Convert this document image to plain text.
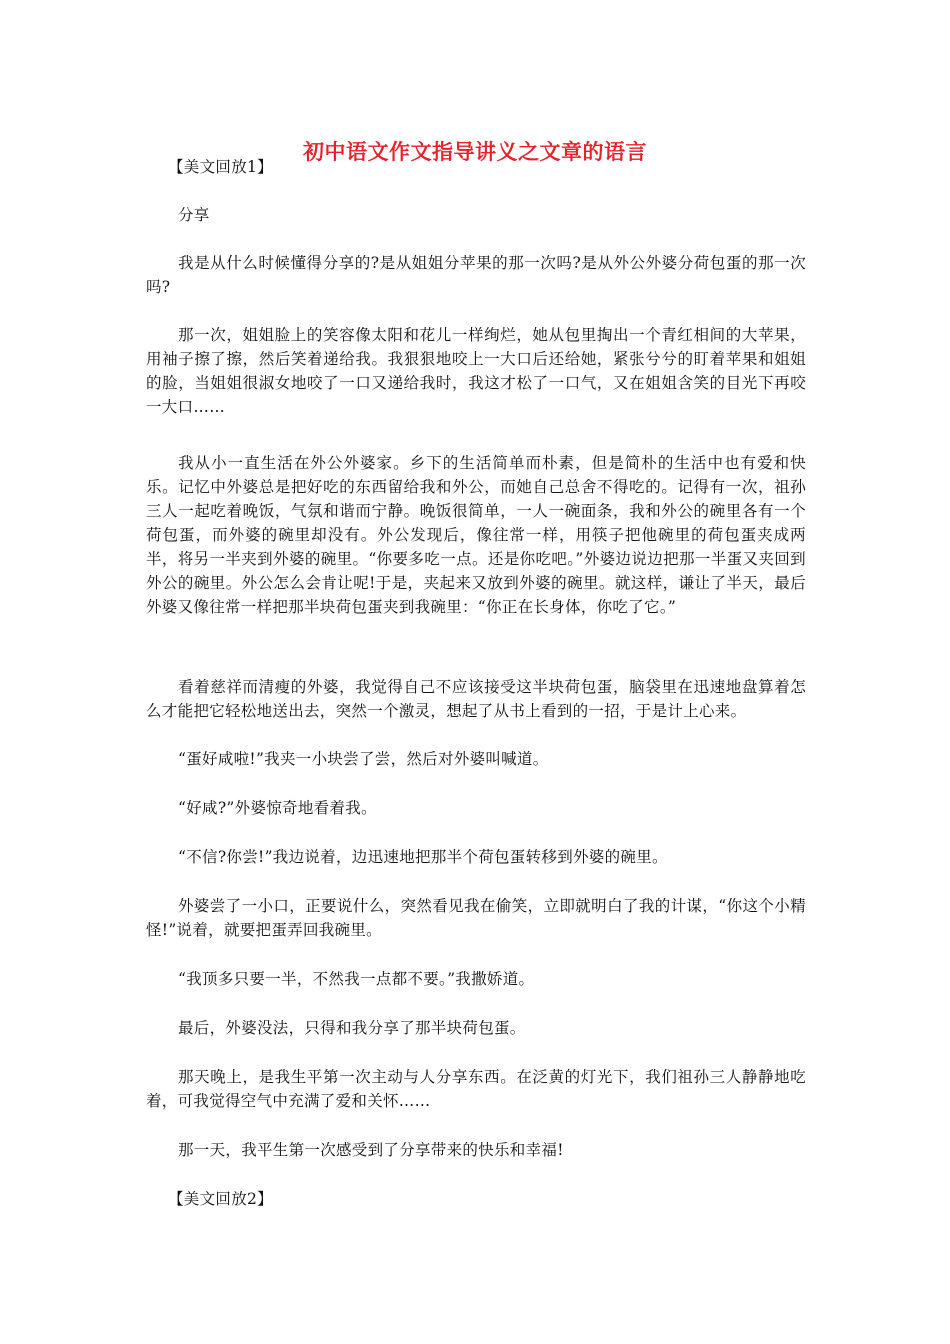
初中语文作文指导讲义之文章的语言

【美文回放1】

分享

我是从什么时候懂得分享的?是从姐姐分苹果的那一次吗?是从外公外婆分荷包蛋的那一次吗?

那一次，姐姐脸上的笑容像太阳和花儿一样绚烂，她从包里掏出一个青红相间的大苹果，用袖子擦了擦，然后笑着递给我。我狠狠地咬上一大口后还给她，紧张兮兮的盯着苹果和姐姐的脸，当姐姐很淑女地咬了一口又递给我时，我这才松了一口气，又在姐姐含笑的目光下再咬一大口……

我从小一直生活在外公外婆家。乡下的生活简单而朴素，但是简朴的生活中也有爱和快乐。记忆中外婆总是把好吃的东西留给我和外公，而她自己总舍不得吃的。记得有一次，祖孙三人一起吃着晚饭，气氛和谐而宁静。晚饭很简单，一人一碗面条，我和外公的碗里各有一个荷包蛋，而外婆的碗里却没有。外公发现后，像往常一样，用筷子把他碗里的荷包蛋夹成两半，将另一半夹到外婆的碗里。“你要多吃一点。还是你吃吧。”外婆边说边把那一半蛋又夹回到外公的碗里。外公怎么会肯让呢!于是，夹起来又放到外婆的碗里。就这样，谦让了半天，最后外婆又像往常一样把那半块荷包蛋夹到我碗里：“你正在长身体，你吃了它。”

看着慈祥而清瘦的外婆，我觉得自己不应该接受这半块荷包蛋，脑袋里在迅速地盘算着怎么才能把它轻松地送出去，突然一个激灵，想起了从书上看到的一招，于是计上心来。

“蛋好咸啦!”我夹一小块尝了尝，然后对外婆叫喊道。

“好咸?”外婆惊奇地看着我。

“不信?你尝!”我边说着，边迅速地把那半个荷包蛋转移到外婆的碗里。

外婆尝了一小口，正要说什么，突然看见我在偷笑，立即就明白了我的计谋，“你这个小精怪!”说着，就要把蛋弄回我碗里。

“我顶多只要一半，不然我一点都不要。”我撒娇道。

最后，外婆没法，只得和我分享了那半块荷包蛋。

那天晚上，是我生平第一次主动与人分享东西。在泛黄的灯光下，我们祖孙三人静静地吃着，可我觉得空气中充满了爱和关怀……

那一天，我平生第一次感受到了分享带来的快乐和幸福!

【美文回放2】
